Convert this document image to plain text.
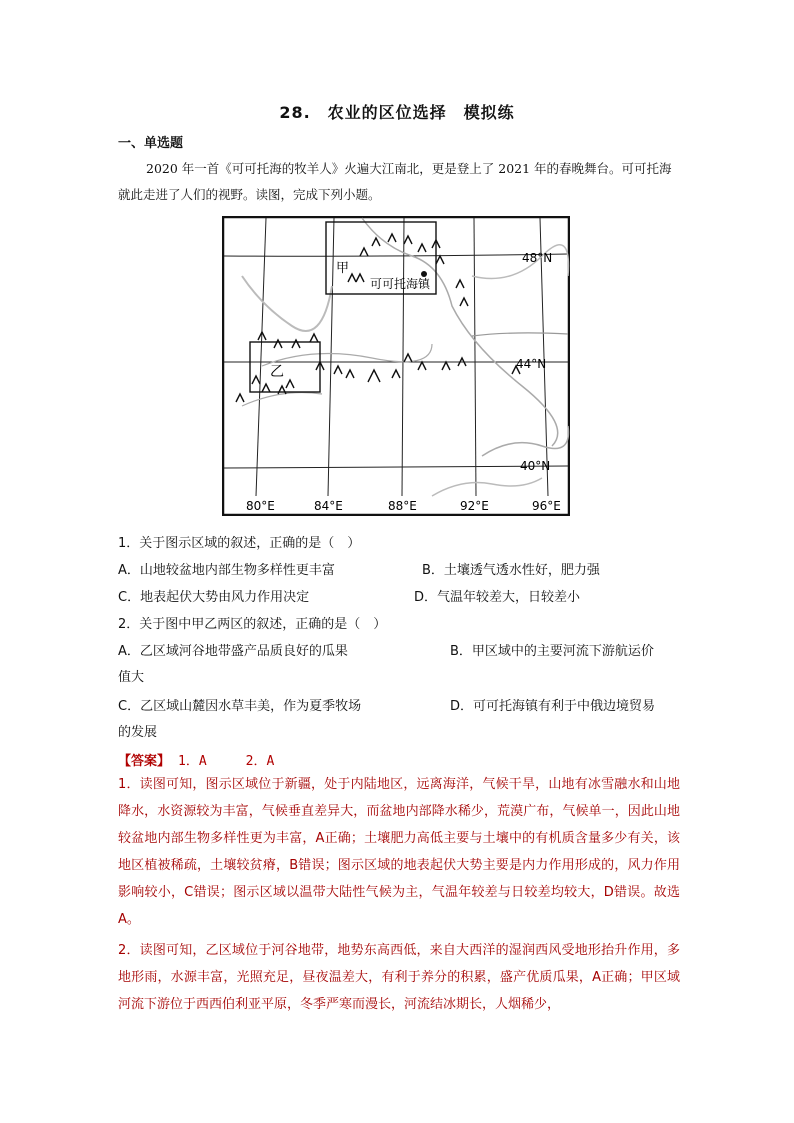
28.　农业的区位选择　模拟练
一、单选题
2020 年一首《可可托海的牧羊人》火遍大江南北，更是登上了 2021 年的春晚舞台。可可托海就此走进了人们的视野。读图，完成下列小题。
甲
乙
可可托海镇
48°N
44°N
40°N
80°E	84°E	88°E	92°E	96°E
1．关于图示区域的叙述，正确的是（　）
A．山地较盆地内部生物多样性更丰富	B．土壤透气透水性好，肥力强
C．地表起伏大势由风力作用决定	D．气温年较差大，日较差小
2．关于图中甲乙两区的叙述，正确的是（　）
A．乙区域河谷地带盛产品质良好的瓜果	B．甲区域中的主要河流下游航运价
值大
C．乙区域山麓因水草丰美，作为夏季牧场	D．可可托海镇有利于中俄边境贸易
的发展
【答案】 1．A　　　2．A
1．读图可知，图示区域位于新疆，处于内陆地区，远离海洋，气候干旱，山地有冰雪融水和山地降水，水资源较为丰富，气候垂直差异大，而盆地内部降水稀少，荒漠广布，气候单一，因此山地较盆地内部生物多样性更为丰富，A正确；土壤肥力高低主要与土壤中的有机质含量多少有关，该地区植被稀疏，土壤较贫瘠，B错误；图示区域的地表起伏大势主要是内力作用形成的，风力作用影响较小，C错误；图示区域以温带大陆性气候为主，气温年较差与日较差均较大，D错误。故选A。
2．读图可知，乙区域位于河谷地带，地势东高西低，来自大西洋的湿润西风受地形抬升作用，多地形雨，水源丰富，光照充足，昼夜温差大，有利于养分的积累，盛产优质瓜果，A正确；甲区域河流下游位于西西伯利亚平原，冬季严寒而漫长，河流结冰期长，人烟稀少，
